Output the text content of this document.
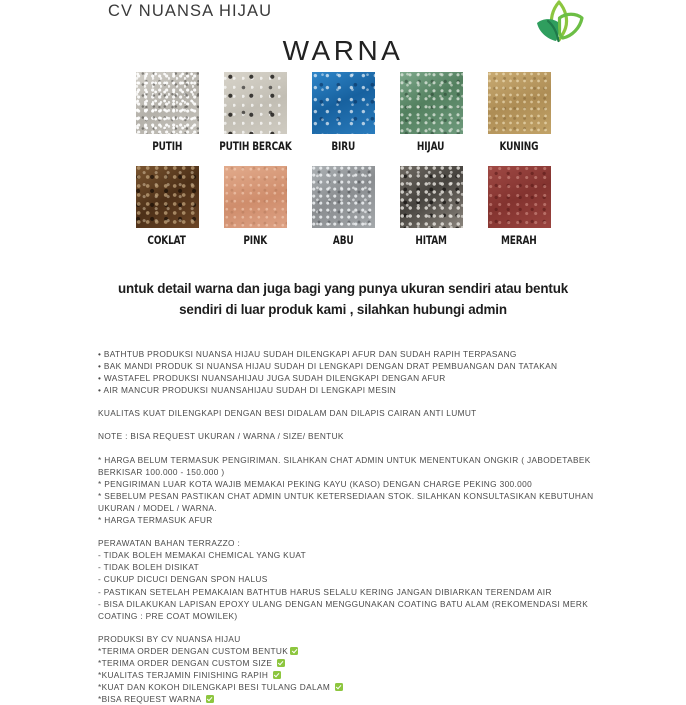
CV NUANSA HIJAU
WARNA
PUTIH	PUTIH BERCAK	BIRU	HIJAU	KUNING
COKLAT	PINK	ABU	HITAM	MERAH
untuk detail warna dan juga bagi yang punya ukuran sendiri atau bentuk
sendiri di luar produk kami , silahkan hubungi admin

• BATHTUB PRODUKSI NUANSA HIJAU SUDAH DILENGKAPI AFUR DAN SUDAH RAPIH TERPASANG

• BAK MANDI PRODUK SI NUANSA HIJAU SUDAH DI LENGKAPI DENGAN DRAT PEMBUANGAN DAN TATAKAN

• WASTAFEL PRODUKSI NUANSAHIJAU JUGA SUDAH DILENGKAPI DENGAN AFUR

• AIR MANCUR PRODUKSI NUANSAHIJAU SUDAH DI LENGKAPI MESIN

KUALITAS KUAT DILENGKAPI DENGAN BESI DIDALAM DAN DILAPIS CAIRAN ANTI LUMUT

NOTE : BISA REQUEST UKURAN / WARNA / SIZE/ BENTUK

* HARGA BELUM TERMASUK PENGIRIMAN. SILAHKAN CHAT ADMIN UNTUK MENENTUKAN ONGKIR ( JABODETABEK BERKISAR 100.000 - 150.000 )

* PENGIRIMAN LUAR KOTA WAJIB MEMAKAI PEKING KAYU (KASO) DENGAN CHARGE PEKING 300.000

* SEBELUM PESAN PASTIKAN CHAT ADMIN UNTUK KETERSEDIAAN STOK. SILAHKAN KONSULTASIKAN KEBUTUHAN UKURAN / MODEL / WARNA.

* HARGA TERMASUK AFUR

PERAWATAN BAHAN TERRAZZO :

- TIDAK BOLEH MEMAKAI CHEMICAL YANG KUAT

- TIDAK BOLEH DISIKAT

- CUKUP DICUCI DENGAN SPON HALUS

- PASTIKAN SETELAH PEMAKAIAN BATHTUB HARUS SELALU KERING JANGAN DIBIARKAN TERENDAM AIR

- BISA DILAKUKAN LAPISAN EPOXY ULANG DENGAN MENGGUNAKAN COATING BATU ALAM (REKOMENDASI MERK COATING : PRE COAT MOWILEK)

PRODUKSI BY CV NUANSA HIJAU

*TERIMA ORDER DENGAN CUSTOM BENTUK

*TERIMA ORDER DENGAN CUSTOM SIZE

*KUALITAS TERJAMIN FINISHING RAPIH

*KUAT DAN KOKOH DILENGKAPI BESI TULANG DALAM

*BISA REQUEST WARNA
